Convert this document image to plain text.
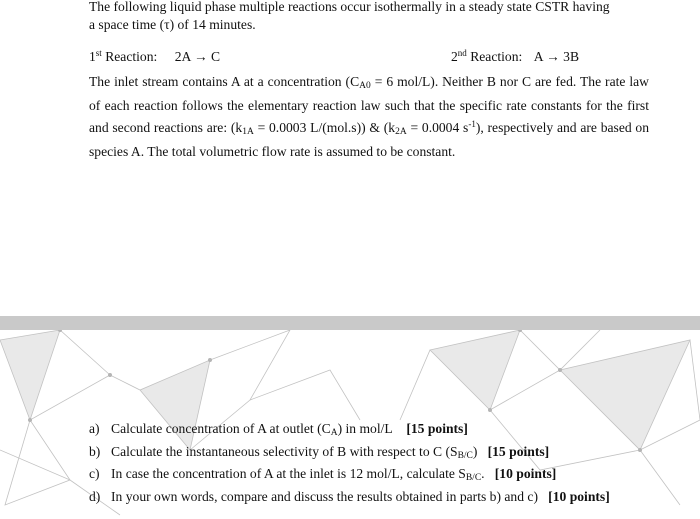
The following liquid phase multiple reactions occur isothermally in a steady state CSTR having
a space time (τ) of 14 minutes.
1st Reaction: 2A → C	2nd Reaction: A → 3B
The inlet stream contains A at a concentration ($C_{A0} = 6$ mol/L). Neither B nor C are fed. The rate law of each reaction follows the elementary reaction law such that the specific rate constants for the first and second reactions are: ($k_{1A} = 0.0003$ L/(mol.s)) & ($k_{2A} = 0.0004$ $s^{-1}$), respectively and are based on species A. The total volumetric flow rate is assumed to be constant.
a) Calculate concentration of A at outlet $(C_A)$ in mol/L [15 points]
b) Calculate the instantaneous selectivity of B with respect to C $(S_{B/C})$ [15 points]
c) In case the concentration of A at the inlet is 12 mol/L, calculate $S_{B/C}$. [10 points]
d) In your own words, compare and discuss the results obtained in parts b) and c) [10 points]
